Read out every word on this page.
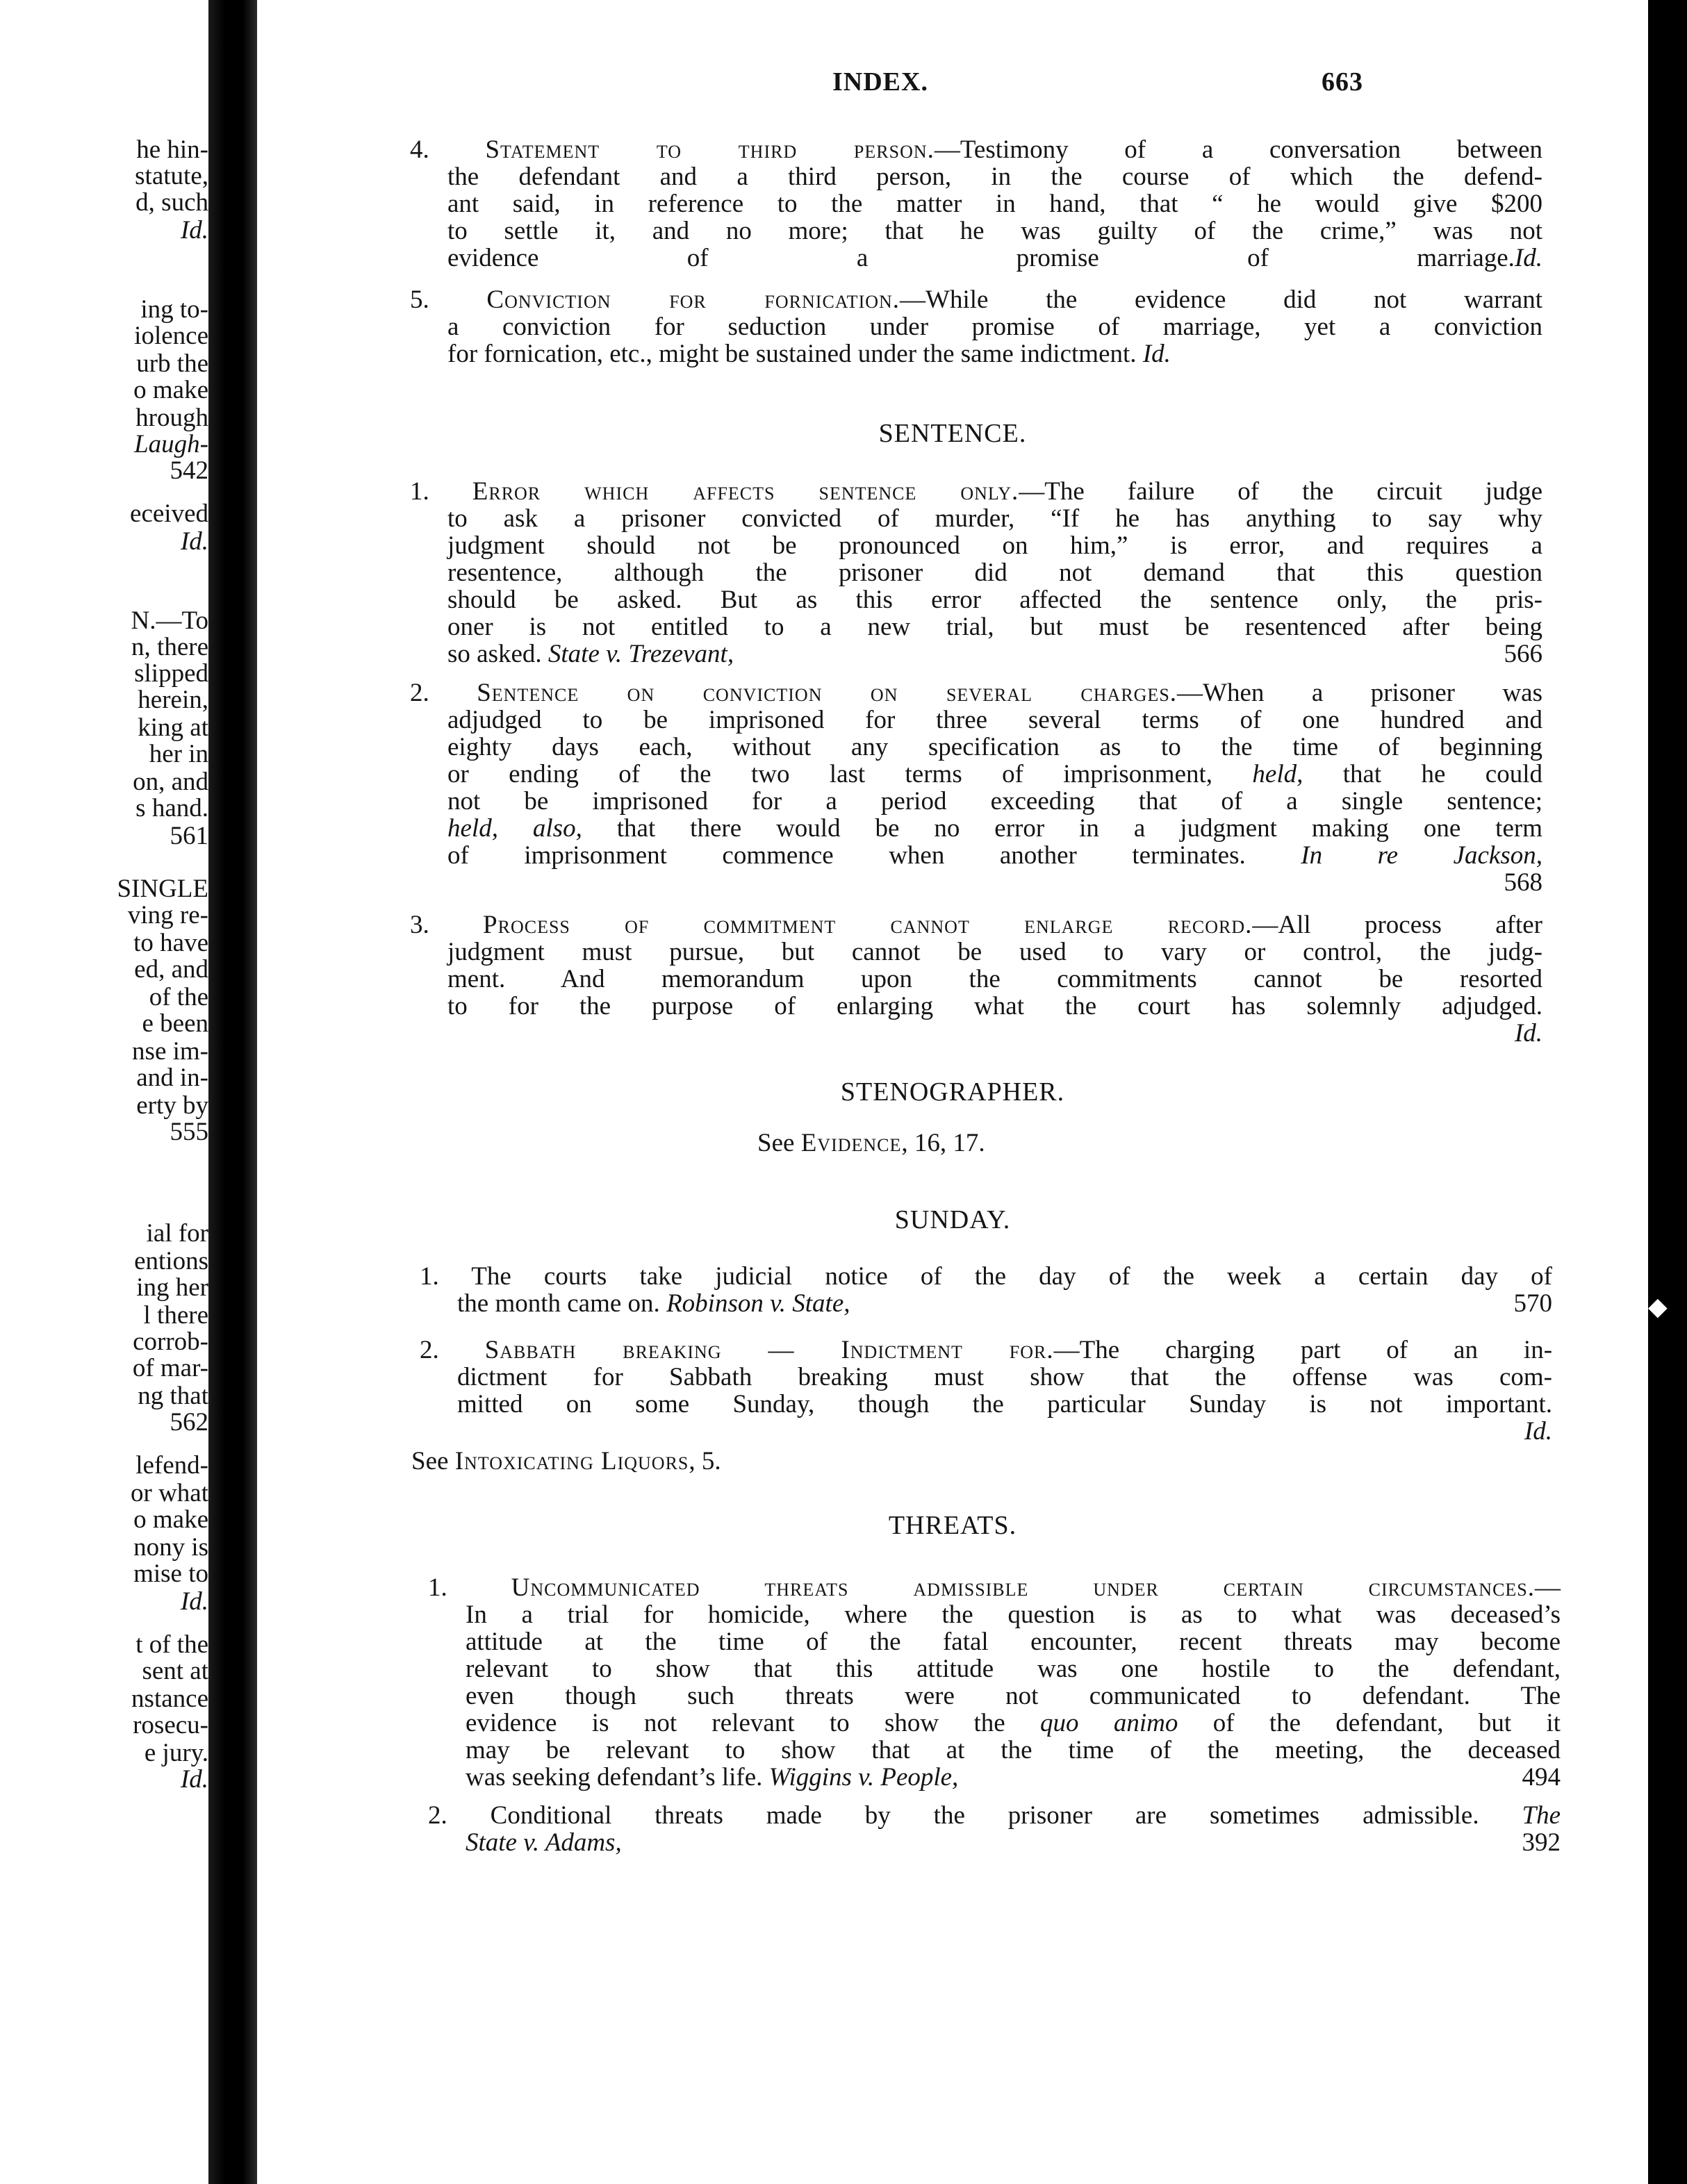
he hin-
statute,
d, such
Id.
ing to-
iolence
urb the
o make
hrough
Laugh-
542
eceived
Id.
N.—To
n, there
slipped
herein,
king at
her in
on, and
s hand.
561
SINGLE
ving re-
to have
ed, and
of the
e been
nse im-
and in-
erty by
555
ial for
entions
ing her
l there
corrob-
of mar-
ng that
562
lefend-
or what
o make
nony is
mise to
Id.
t of the
sent at
nstance
rosecu-
e jury.
Id.
◆
INDEX.	663
4. Statement to third person.—Testimony of a conversation between
the defendant and a third person, in the course of which the defend-
ant said, in reference to the matter in hand, that “ he would give $200
to settle it, and no more; that he was guilty of the crime,” was not
evidence of a promise of marriage. Id.
5. Conviction for fornication.—While the evidence did not warrant
a conviction for seduction under promise of marriage, yet a conviction
for fornication, etc., might be sustained under the same indictment. Id.
SENTENCE.
1. Error which affects sentence only.—The failure of the circuit judge
to ask a prisoner convicted of murder, “If he has anything to say why
judgment should not be pronounced on him,” is error, and requires a
resentence, although the prisoner did not demand that this question
should be asked. But as this error affected the sentence only, the pris-
oner is not entitled to a new trial, but must be resentenced after being
so asked. State v. Trezevant,	566
2. Sentence on conviction on several charges.—When a prisoner was
adjudged to be imprisoned for three several terms of one hundred and
eighty days each, without any specification as to the time of beginning
or ending of the two last terms of imprisonment, held, that he could
not be imprisoned for a period exceeding that of a single sentence;
held, also, that there would be no error in a judgment making one term
of imprisonment commence when another terminates. In re Jackson,
568
3. Process of commitment cannot enlarge record.—All process after
judgment must pursue, but cannot be used to vary or control, the judg-
ment. And memorandum upon the commitments cannot be resorted
to for the purpose of enlarging what the court has solemnly adjudged.
Id.
STENOGRAPHER.
See Evidence, 16, 17.
SUNDAY.
1. The courts take judicial notice of the day of the week a certain day of
the month came on. Robinson v. State,	570
2. Sabbath breaking — Indictment for.—The charging part of an in-
dictment for Sabbath breaking must show that the offense was com-
mitted on some Sunday, though the particular Sunday is not important.
Id.
See Intoxicating Liquors, 5.
THREATS.
1. Uncommunicated threats admissible under certain circumstances.—
In a trial for homicide, where the question is as to what was deceased’s
attitude at the time of the fatal encounter, recent threats may become
relevant to show that this attitude was one hostile to the defendant,
even though such threats were not communicated to defendant. The
evidence is not relevant to show the quo animo of the defendant, but it
may be relevant to show that at the time of the meeting, the deceased
was seeking defendant’s life. Wiggins v. People,	494
2. Conditional threats made by the prisoner are sometimes admissible. The
State v. Adams,	392
